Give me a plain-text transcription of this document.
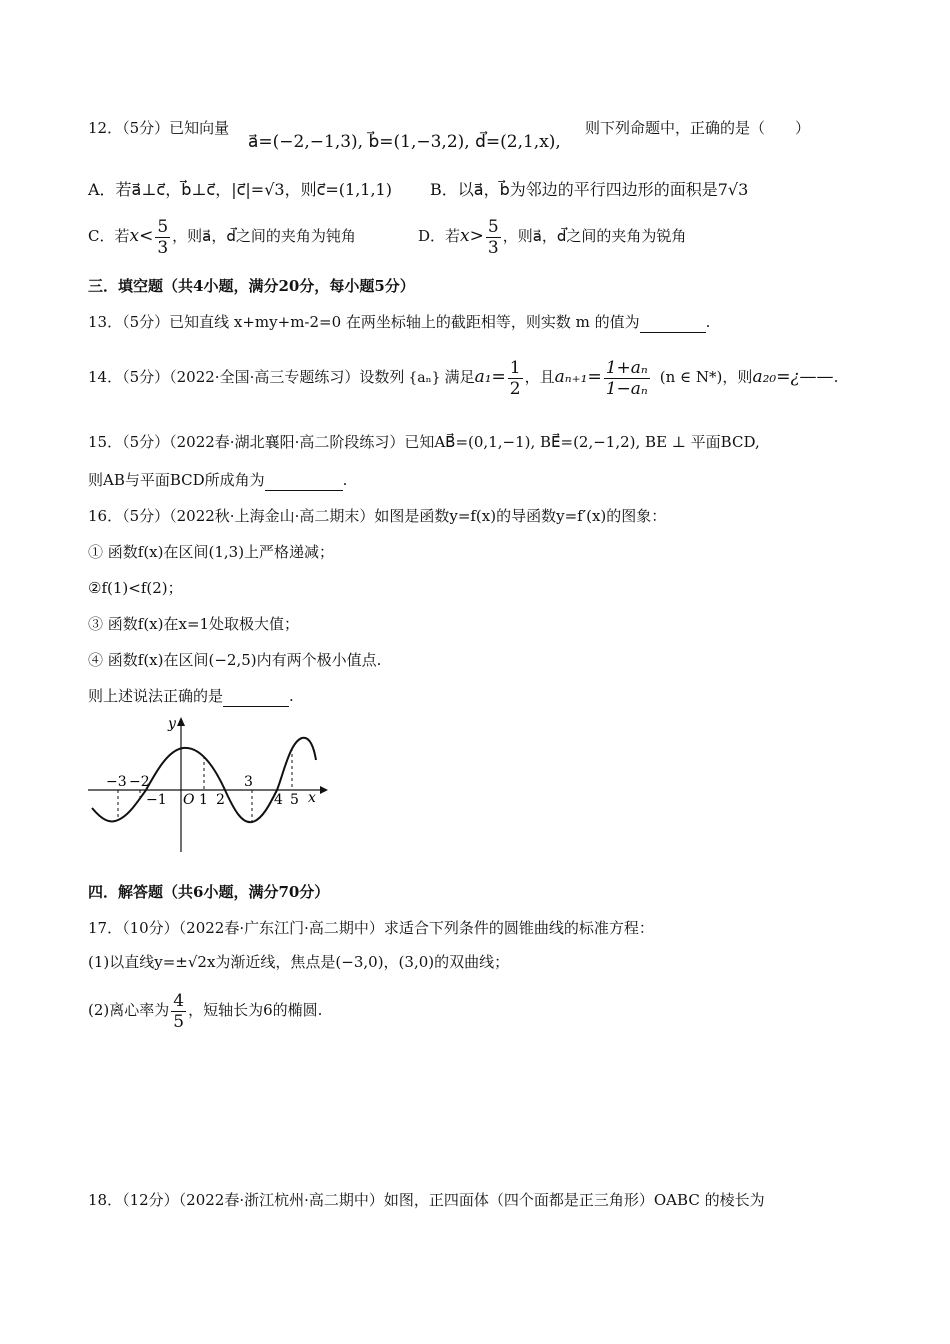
12．（5分）已知向量
a⃗=(−2,−1,3), b⃗=(1,−3,2), d⃗=(2,1,x),
则下列命题中，正确的是（　　）
A．若a⃗⊥c⃗，b⃗⊥c⃗，|c⃗|=√3，则c⃗=(1,1,1) B．以a⃗，b⃗为邻边的平行四边形的面积是7√3
C．若$x< \frac{5}{3}$ ，则a⃗，d⃗之间的夹角为钝角	D．若$x> \frac{5}{3}$ ，则a⃗，d⃗之间的夹角为锐角
三．填空题（共4小题，满分20分，每小题5分）
13．（5分）已知直线 x+my+m-2=0 在两坐标轴上的截距相等，则实数 m 的值为	.
14．（5分）（2022·全国·高三专题练习）设数列 {aₙ} 满足$a_1= \frac{1}{2}$ ，且$a_{n+1}= \frac{\text{1+aₙ}}{\text{1−aₙ}} (n$ ∈ N*)，则a₂₀=¿——.
15．（5分）（2022春·湖北襄阳·高二阶段练习）已知AB⃗=(0,1,−1), BE⃗=(2,−1,2), BE ⊥ 平面BCD,
则AB与平面BCD所成角为	.
16．（5分）（2022秋·上海金山·高二期末）如图是函数y=f(x)的导函数y=f′(x)的图象：
① 函数f(x)在区间(1,3)上严格递减；
②f(1)<f(2)；
③ 函数f(x)在x=1处取极大值；
④ 函数f(x)在区间(−2,5)内有两个极小值点.
则上述说法正确的是	.
y
x
O
−3 −2
−1 1 2
3
4 5
四．解答题（共6小题，满分70分）
17．（10分）（2022春·广东江门·高二期中）求适合下列条件的圆锥曲线的标准方程：
(1)以直线y=±√2x为渐近线，焦点是(−3,0)，(3,0)的双曲线；
(2)离心率为 $\frac{4}{5}$ ，短轴长为6的椭圆.
18．（12分）（2022春·浙江杭州·高二期中）如图，正四面体（四个面都是正三角形）OABC 的棱长为
